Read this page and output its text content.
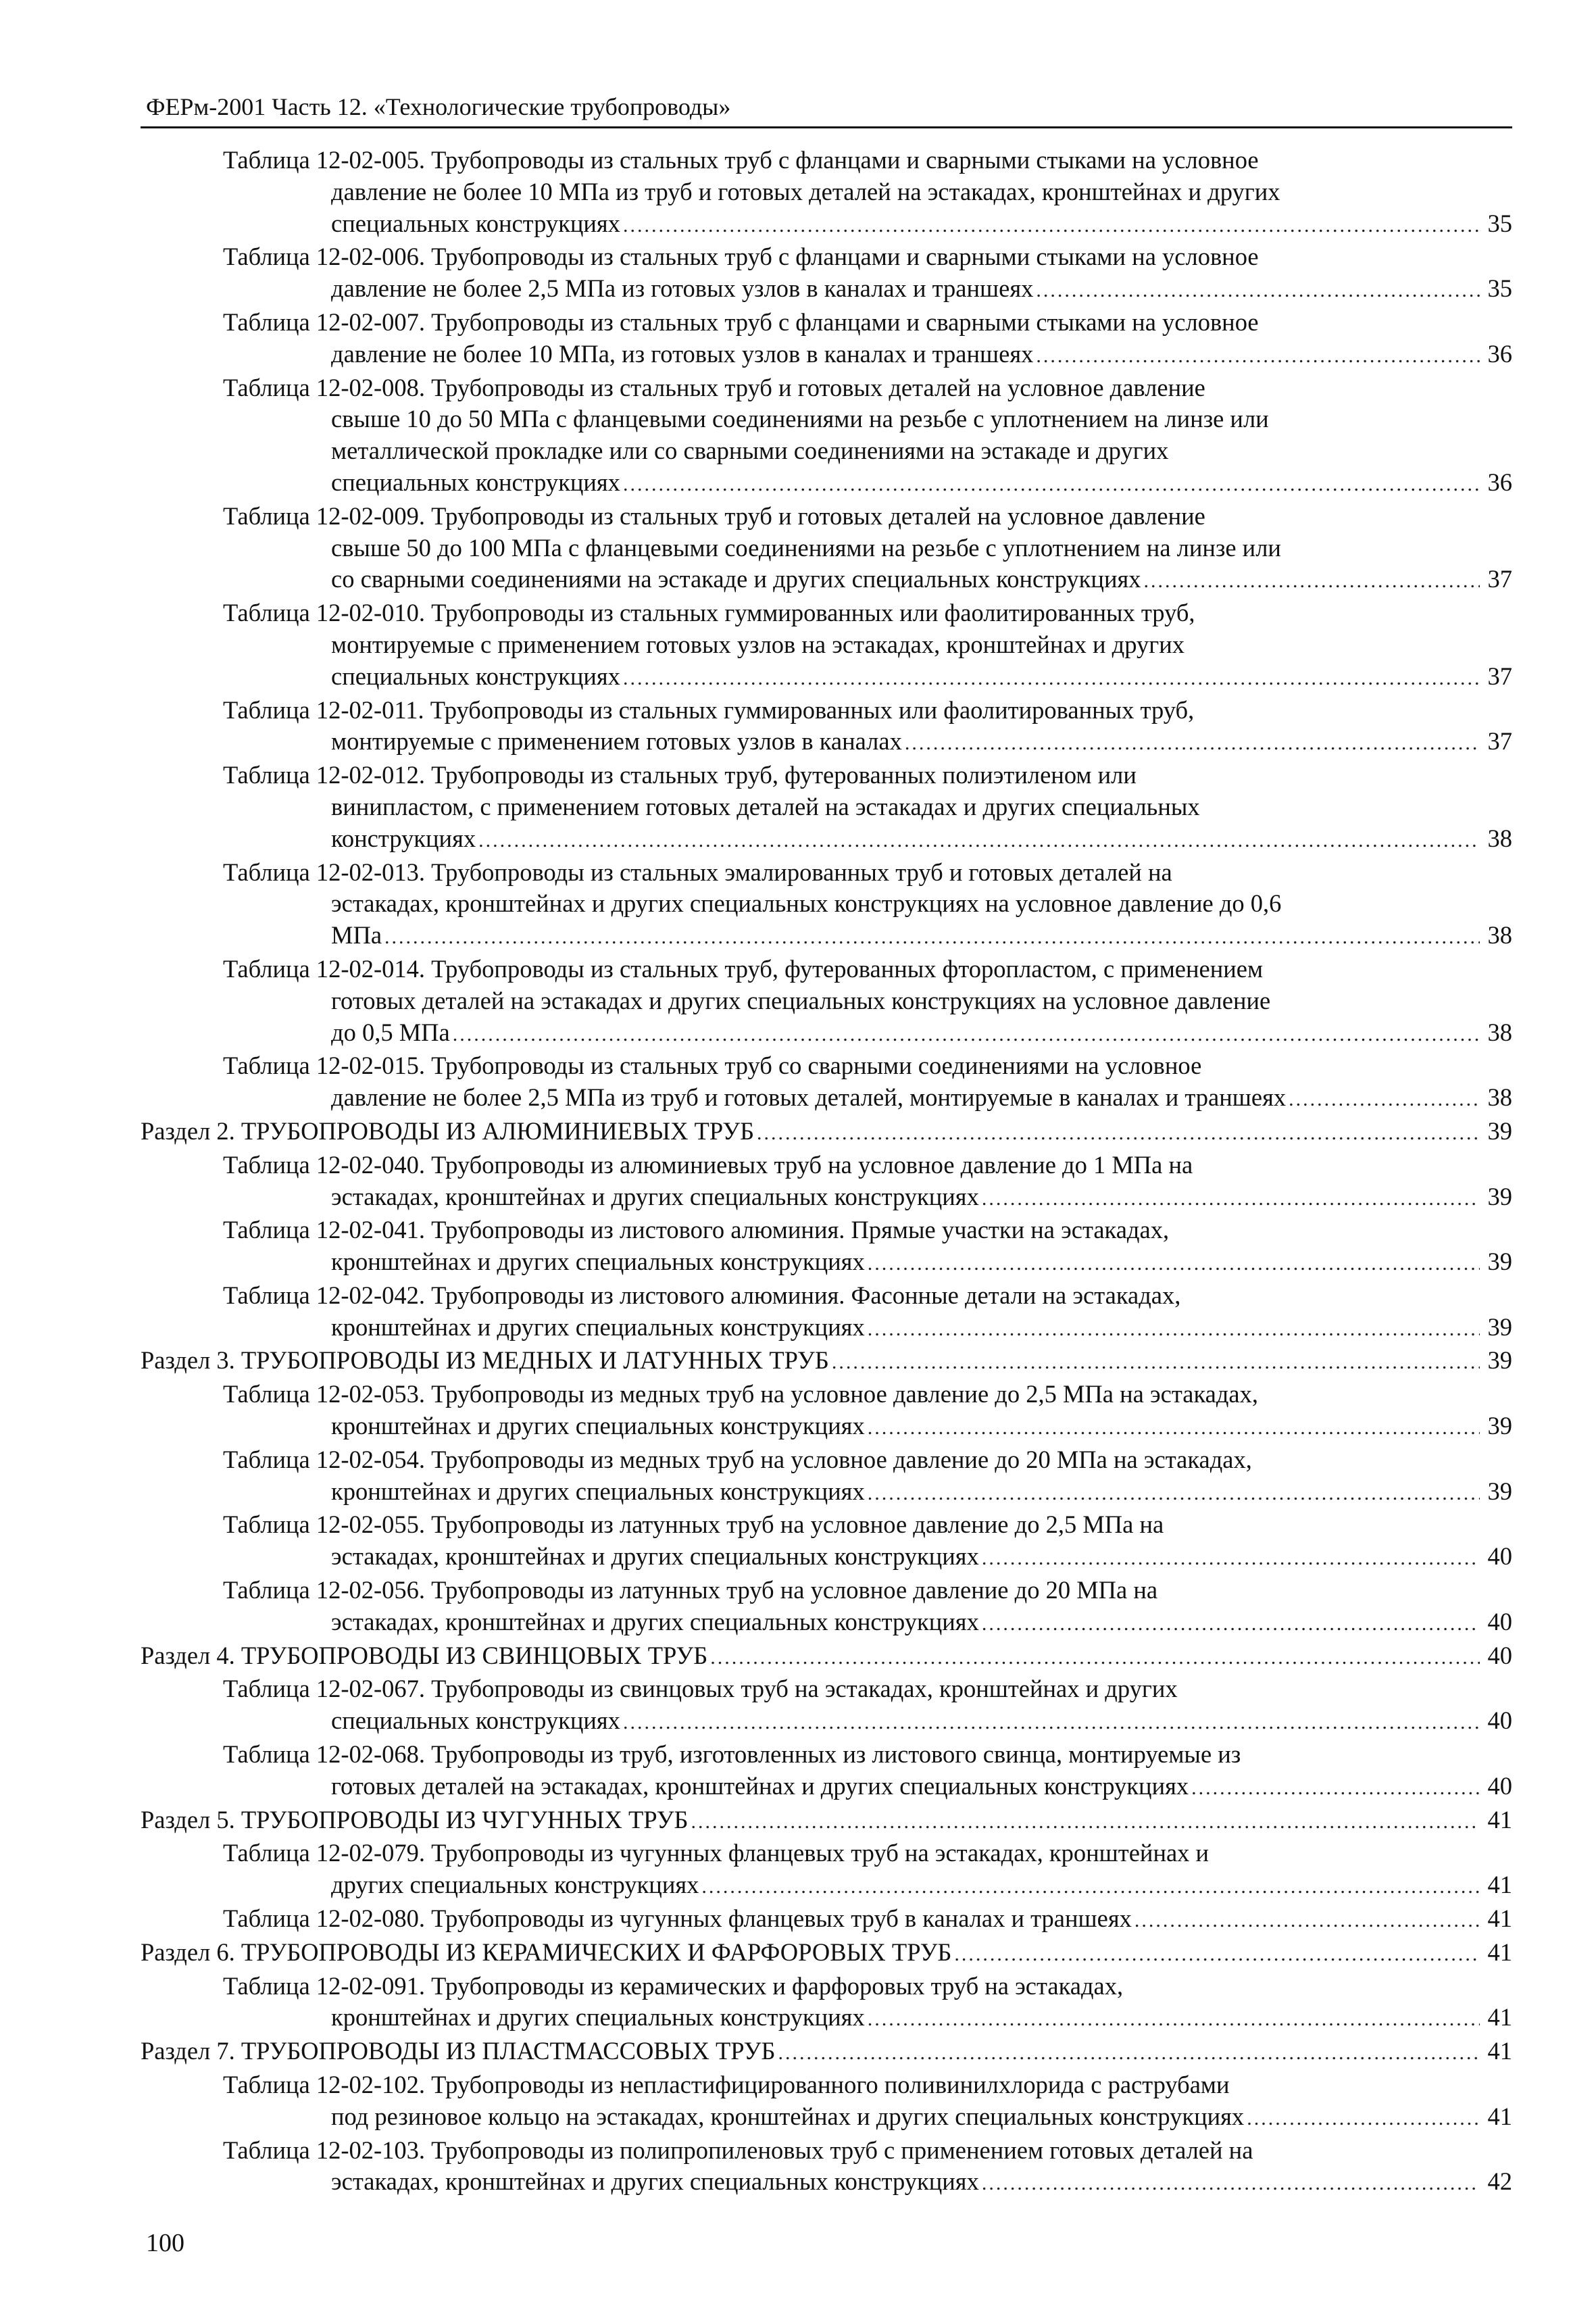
ФЕРм-2001 Часть 12. «Технологические трубопроводы»
Таблица 12-02-005. Трубопроводы из стальных труб с фланцами и сварными стыками на условное
давление не более 10 МПа из труб и готовых деталей на эстакадах, кронштейнах и других
специальных конструкциях .....	35
Таблица 12-02-006. Трубопроводы из стальных труб с фланцами и сварными стыками на условное
давление не более 2,5 МПа из готовых узлов в каналах и траншеях .....	35
Таблица 12-02-007. Трубопроводы из стальных труб с фланцами и сварными стыками на условное
давление не более 10 МПа, из готовых узлов в каналах и траншеях .....	36
Таблица 12-02-008. Трубопроводы из стальных труб и готовых деталей на условное давление
свыше 10 до 50 МПа с фланцевыми соединениями на резьбе с уплотнением на линзе или
металлической прокладке или со сварными соединениями на эстакаде и других
специальных конструкциях .....	36
Таблица 12-02-009. Трубопроводы из стальных труб и готовых деталей на условное давление
свыше 50 до 100 МПа с фланцевыми соединениями на резьбе с уплотнением на линзе или
со сварными соединениями на эстакаде и других специальных конструкциях .....	37
Таблица 12-02-010. Трубопроводы из стальных гуммированных или фаолитированных труб,
монтируемые с применением готовых узлов на эстакадах, кронштейнах и других
специальных конструкциях .....	37
Таблица 12-02-011. Трубопроводы из стальных гуммированных или фаолитированных труб,
монтируемые с применением готовых узлов в каналах .....	37
Таблица 12-02-012. Трубопроводы из стальных труб, футерованных полиэтиленом или
винипластом, с применением готовых деталей на эстакадах и других специальных
конструкциях .....	38
Таблица 12-02-013. Трубопроводы из стальных эмалированных труб и готовых деталей на
эстакадах, кронштейнах и других специальных конструкциях на условное давление до 0,6
МПа .....	38
Таблица 12-02-014. Трубопроводы из стальных труб, футерованных фторопластом, с применением
готовых деталей на эстакадах и других специальных конструкциях на условное давление
до 0,5 МПа .....	38
Таблица 12-02-015. Трубопроводы из стальных труб со сварными соединениями на условное
давление не более 2,5 МПа из труб и готовых деталей, монтируемые в каналах и траншеях .....	38
Раздел 2. ТРУБОПРОВОДЫ ИЗ АЛЮМИНИЕВЫХ ТРУБ .....	39
Таблица 12-02-040. Трубопроводы из алюминиевых труб на условное давление до 1 МПа на
эстакадах, кронштейнах и других специальных конструкциях .....	39
Таблица 12-02-041. Трубопроводы из листового алюминия. Прямые участки на эстакадах,
кронштейнах и других специальных конструкциях .....	39
Таблица 12-02-042. Трубопроводы из листового алюминия. Фасонные детали на эстакадах,
кронштейнах и других специальных конструкциях .....	39
Раздел 3. ТРУБОПРОВОДЫ ИЗ МЕДНЫХ И ЛАТУННЫХ ТРУБ .....	39
Таблица 12-02-053. Трубопроводы из медных труб на условное давление до 2,5 МПа на эстакадах,
кронштейнах и других специальных конструкциях .....	39
Таблица 12-02-054. Трубопроводы из медных труб на условное давление до 20 МПа на эстакадах,
кронштейнах и других специальных конструкциях .....	39
Таблица 12-02-055. Трубопроводы из латунных труб на условное давление до 2,5 МПа на
эстакадах, кронштейнах и других специальных конструкциях .....	40
Таблица 12-02-056. Трубопроводы из латунных труб на условное давление до 20 МПа на
эстакадах, кронштейнах и других специальных конструкциях .....	40
Раздел 4. ТРУБОПРОВОДЫ ИЗ СВИНЦОВЫХ ТРУБ .....	40
Таблица 12-02-067. Трубопроводы из свинцовых труб на эстакадах, кронштейнах и других
специальных конструкциях .....	40
Таблица 12-02-068. Трубопроводы из труб, изготовленных из листового свинца, монтируемые из
готовых деталей на эстакадах, кронштейнах и других специальных конструкциях .....	40
Раздел 5. ТРУБОПРОВОДЫ ИЗ ЧУГУННЫХ ТРУБ .....	41
Таблица 12-02-079. Трубопроводы из чугунных фланцевых труб на эстакадах, кронштейнах и
других специальных конструкциях .....	41
Таблица 12-02-080. Трубопроводы из чугунных фланцевых труб в каналах и траншеях .....	41
Раздел 6. ТРУБОПРОВОДЫ ИЗ КЕРАМИЧЕСКИХ И ФАРФОРОВЫХ ТРУБ .....	41
Таблица 12-02-091. Трубопроводы из керамических и фарфоровых труб на эстакадах,
кронштейнах и других специальных конструкциях .....	41
Раздел 7. ТРУБОПРОВОДЫ ИЗ ПЛАСТМАССОВЫХ ТРУБ .....	41
Таблица 12-02-102. Трубопроводы из непластифицированного поливинилхлорида с раструбами
под резиновое кольцо на эстакадах, кронштейнах и других специальных конструкциях .....	41
Таблица 12-02-103. Трубопроводы из полипропиленовых труб с применением готовых деталей на
эстакадах, кронштейнах и других специальных конструкциях .....	42
100
